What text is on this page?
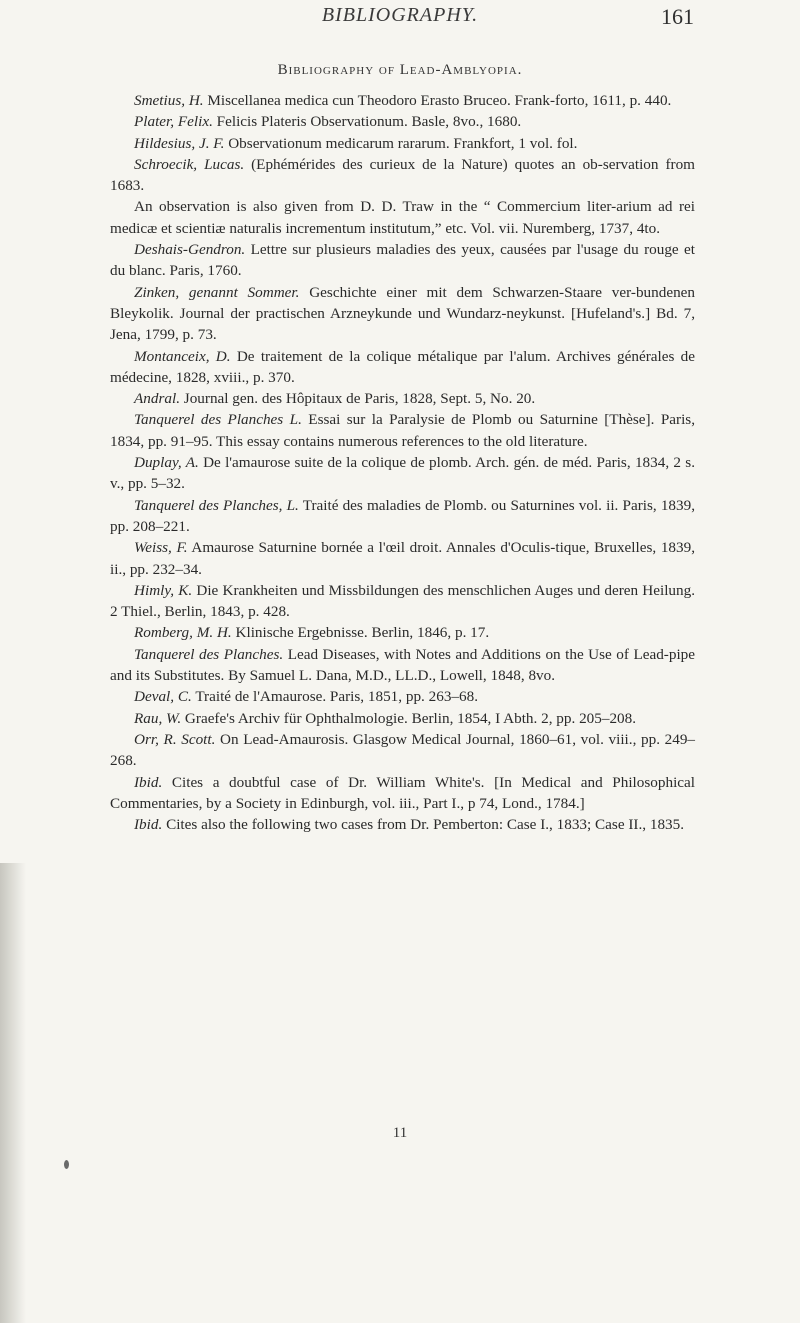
BIBLIOGRAPHY.	161
Bibliography of Lead-Amblyopia.

Smetius, H. Miscellanea medica cun Theodoro Erasto Bruceo. Frank-forto, 1611, p. 440.

Plater, Felix. Felicis Plateris Observationum. Basle, 8vo., 1680.

Hildesius, J. F. Observationum medicarum rararum. Frankfort, 1 vol. fol.

Schroecik, Lucas. (Ephémérides des curieux de la Nature) quotes an ob-servation from 1683.

An observation is also given from D. D. Traw in the “ Commercium liter-arium ad rei medicæ et scientiæ naturalis incrementum institutum,” etc. Vol. vii. Nuremberg, 1737, 4to.

Deshais-Gendron. Lettre sur plusieurs maladies des yeux, causées par l'usage du rouge et du blanc. Paris, 1760.

Zinken, genannt Sommer. Geschichte einer mit dem Schwarzen-Staare ver-bundenen Bleykolik. Journal der practischen Arzneykunde und Wundarz-neykunst. [Hufeland's.] Bd. 7, Jena, 1799, p. 73.

Montanceix, D. De traitement de la colique métalique par l'alum. Archives générales de médecine, 1828, xviii., p. 370.

Andral. Journal gen. des Hôpitaux de Paris, 1828, Sept. 5, No. 20.

Tanquerel des Planches L. Essai sur la Paralysie de Plomb ou Saturnine [Thèse]. Paris, 1834, pp. 91–95. This essay contains numerous references to the old literature.

Duplay, A. De l'amaurose suite de la colique de plomb. Arch. gén. de méd. Paris, 1834, 2 s. v., pp. 5–32.

Tanquerel des Planches, L. Traité des maladies de Plomb. ou Saturnines vol. ii. Paris, 1839, pp. 208–221.

Weiss, F. Amaurose Saturnine bornée a l'œil droit. Annales d'Oculis-tique, Bruxelles, 1839, ii., pp. 232–34.

Himly, K. Die Krankheiten und Missbildungen des menschlichen Auges und deren Heilung. 2 Thiel., Berlin, 1843, p. 428.

Romberg, M. H. Klinische Ergebnisse. Berlin, 1846, p. 17.

Tanquerel des Planches. Lead Diseases, with Notes and Additions on the Use of Lead-pipe and its Substitutes. By Samuel L. Dana, M.D., LL.D., Lowell, 1848, 8vo.

Deval, C. Traité de l'Amaurose. Paris, 1851, pp. 263–68.

Rau, W. Graefe's Archiv für Ophthalmologie. Berlin, 1854, I Abth. 2, pp. 205–208.

Orr, R. Scott. On Lead-Amaurosis. Glasgow Medical Journal, 1860–61, vol. viii., pp. 249–268.

Ibid. Cites a doubtful case of Dr. William White's. [In Medical and Philosophical Commentaries, by a Society in Edinburgh, vol. iii., Part I., p 74, Lond., 1784.]

Ibid. Cites also the following two cases from Dr. Pemberton: Case I., 1833; Case II., 1835.

11
